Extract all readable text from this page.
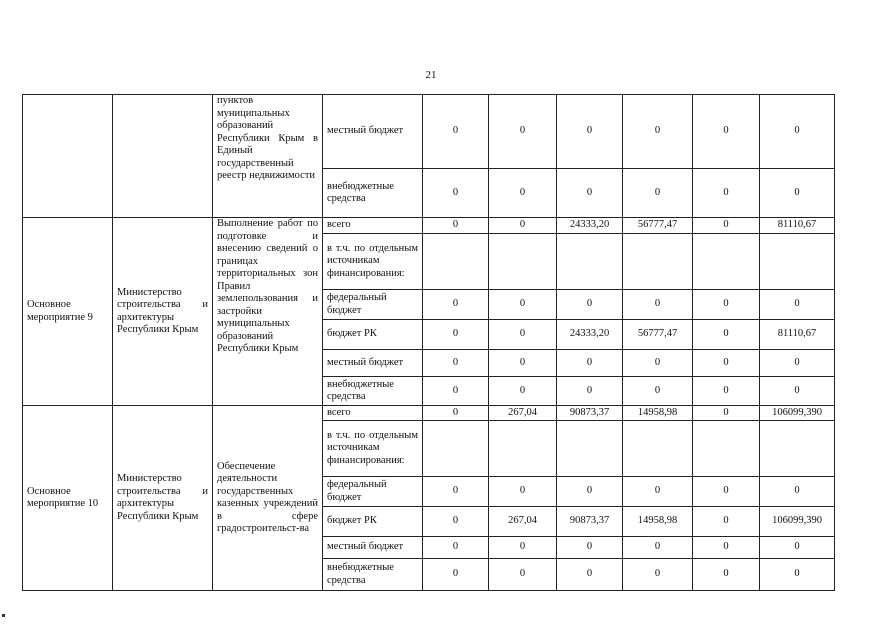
21
		пунктов муниципальных образований Республики Крым в Единый государственный реестр недвижимости	местный бюджет	0	0	0	0	0	0
			внебюджетные средства	0	0	0	0	0	0
Основное мероприятие 9	Министерство строительства и архитектуры Республики Крым	Выполнение работ по подготовке и внесению сведений о границах территориальных зон Правил землепользования и застройки муниципальных образований Республики Крым	всего	0	0	24333,20	56777,47	0	81110,67
			в т.ч. по отдельным источникам финансирования:						
			федеральный бюджет	0	0	0	0	0	0
			бюджет РК	0	0	24333,20	56777,47	0	81110,67
			местный бюджет	0	0	0	0	0	0
			внебюджетные средства	0	0	0	0	0	0
Основное мероприятие 10	Министерство строительства и архитектуры Республики Крым	Обеспечение деятельности государственных казенных учреждений в сфере градостроительст-ва	всего	0	267,04	90873,37	14958,98	0	106099,390
			в т.ч. по отдельным источникам финансирования:						
			федеральный бюджет	0	0	0	0	0	0
			бюджет РК	0	267,04	90873,37	14958,98	0	106099,390
			местный бюджет	0	0	0	0	0	0
			внебюджетные средства	0	0	0	0	0	0
